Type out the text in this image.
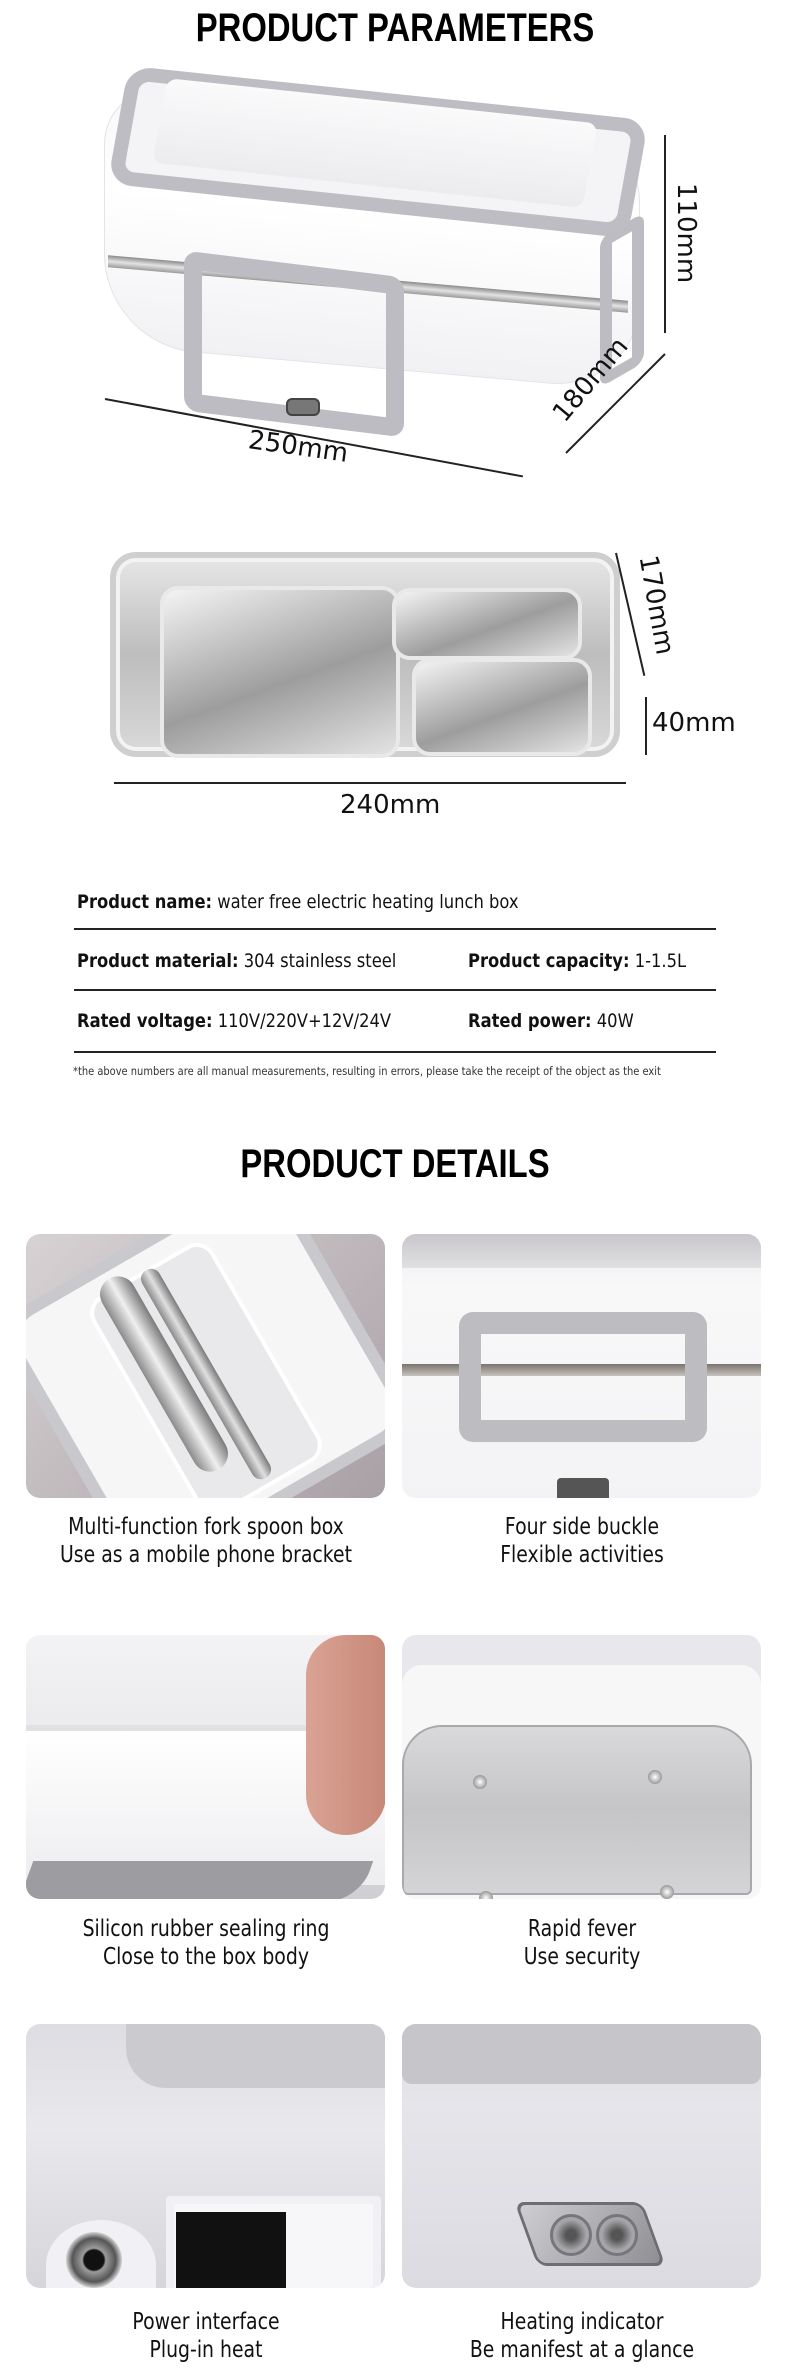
PRODUCT PARAMETERS
110mm
180mm
250mm
170mm
40mm
240mm
Product name: water free electric heating lunch box
Product material: 304 stainless steel	Product capacity: 1-1.5L
Rated voltage: 110V/220V+12V/24V	Rated power: 40W
*the above numbers are all manual measurements, resulting in errors, please take the receipt of the object as the exit
PRODUCT DETAILS
Multi-function fork spoon box
Use as a mobile phone bracket
Four side buckle
Flexible activities
Silicon rubber sealing ring
Close to the box body
Rapid fever
Use security
Power interface
Plug-in heat
Heating indicator
Be manifest at a glance
